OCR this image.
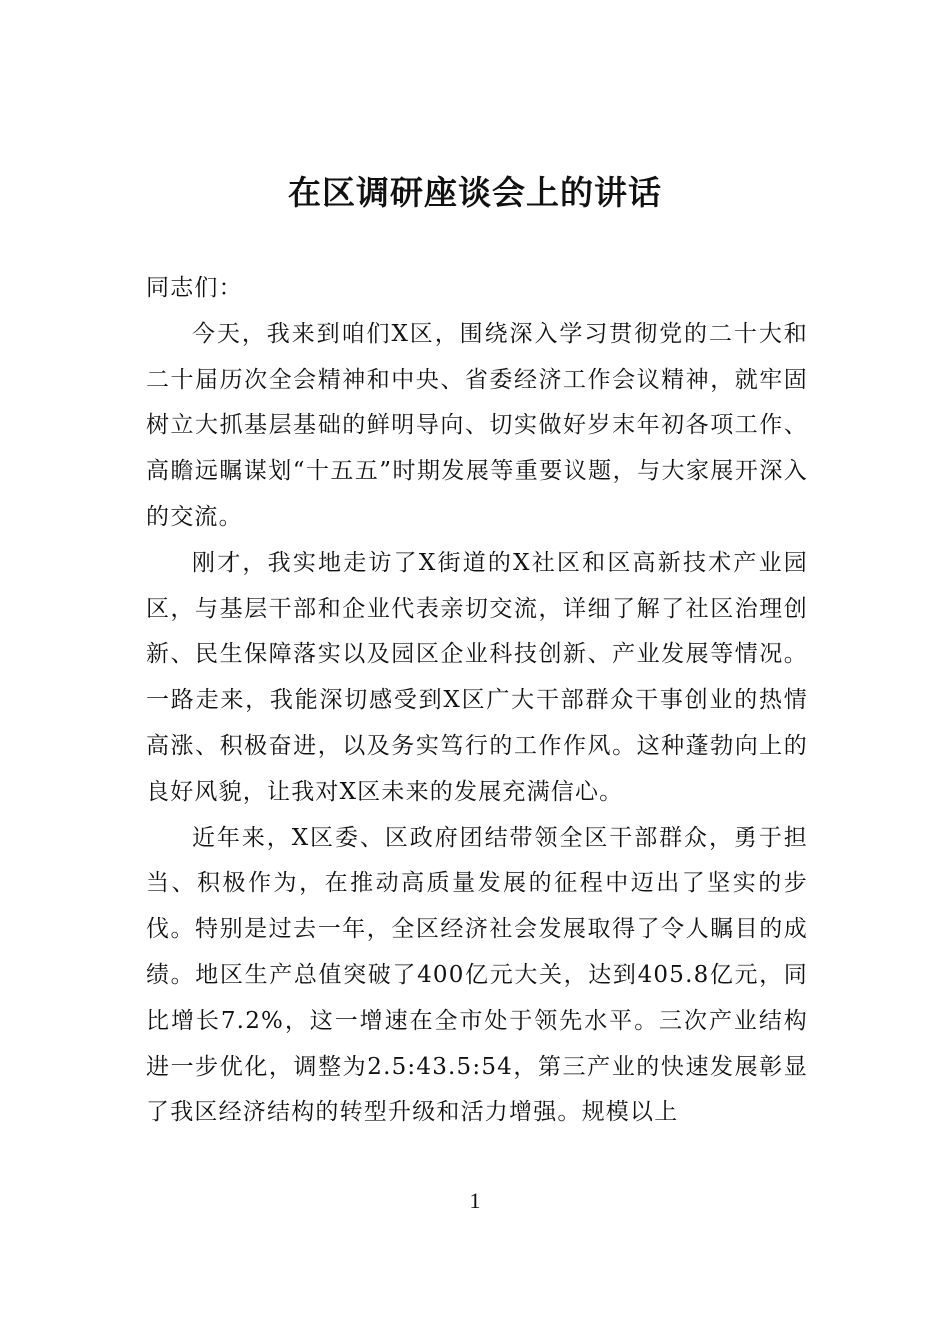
在区调研座谈会上的讲话

同志们：

今天，我来到咱们X区，围绕深入学习贯彻党的二十大和二十届历次全会精神和中央、省委经济工作会议精神，就牢固树立大抓基层基础的鲜明导向、切实做好岁末年初各项工作、高瞻远瞩谋划“十五五”时期发展等重要议题，与大家展开深入的交流。

刚才，我实地走访了X街道的X社区和区高新技术产业园区，与基层干部和企业代表亲切交流，详细了解了社区治理创新、民生保障落实以及园区企业科技创新、产业发展等情况。一路走来，我能深切感受到X区广大干部群众干事创业的热情高涨、积极奋进，以及务实笃行的工作作风。这种蓬勃向上的良好风貌，让我对X区未来的发展充满信心。

近年来，X区委、区政府团结带领全区干部群众，勇于担当、积极作为，在推动高质量发展的征程中迈出了坚实的步伐。特别是过去一年，全区经济社会发展取得了令人瞩目的成绩。地区生产总值突破了400亿元大关，达到405.8亿元，同比增长7.2%，这一增速在全市处于领先水平。三次产业结构进一步优化，调整为2.5:43.5:54，第三产业的快速发展彰显了我区经济结构的转型升级和活力增强。规模以上

1
